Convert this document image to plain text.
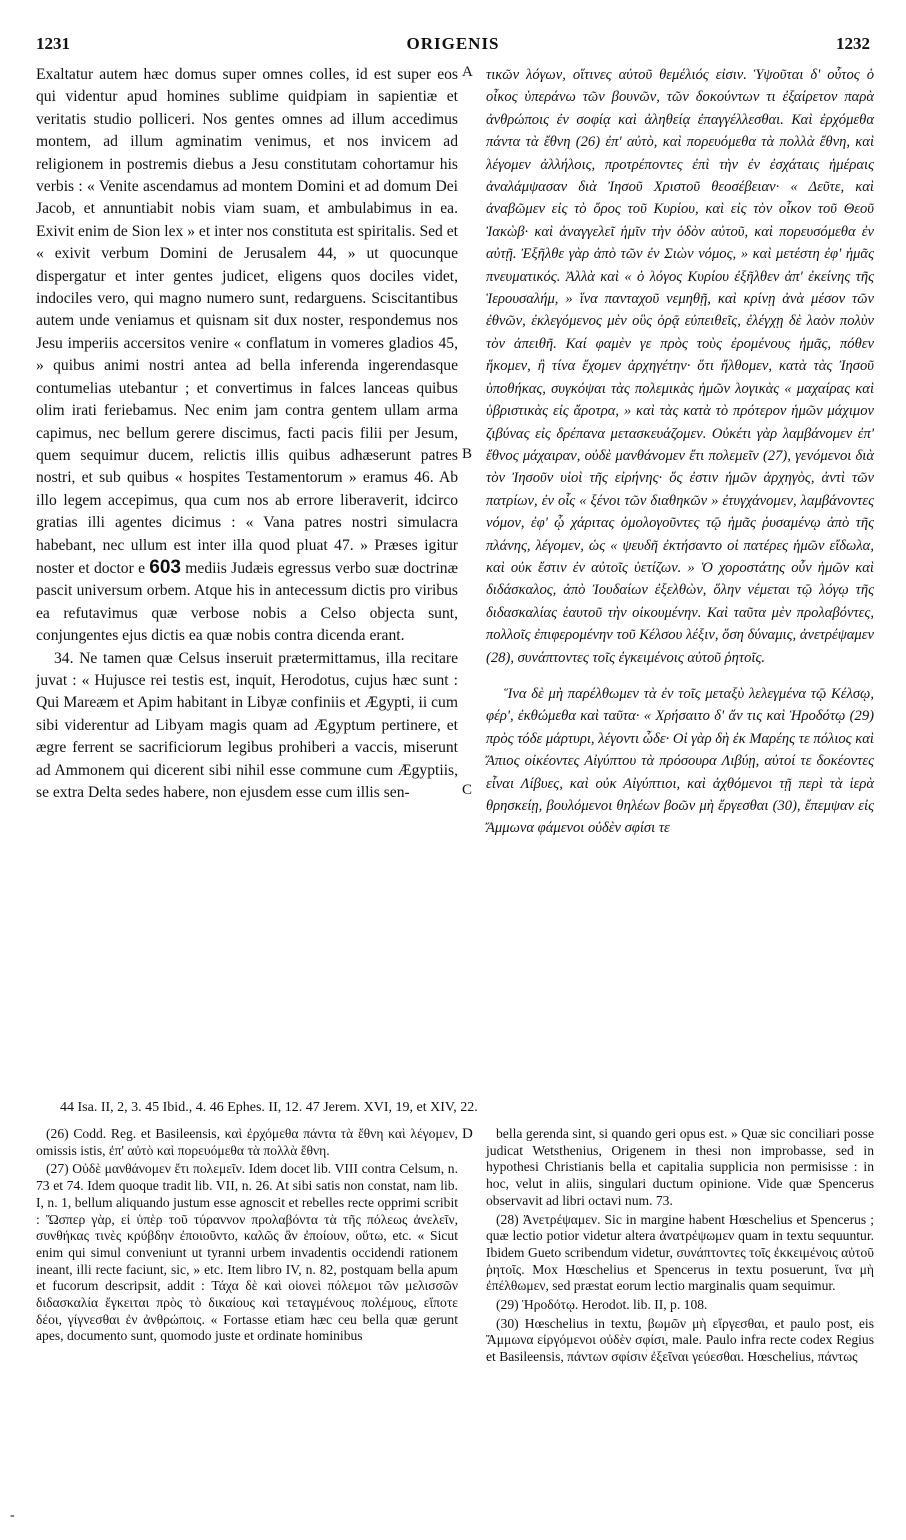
1231	ORIGENIS	1232

Exaltatur autem hæc domus super omnes colles, id est super eos qui videntur apud homines sublime quidpiam in sapientiæ et veritatis studio polliceri. Nos gentes omnes ad illum accedimus montem, ad illum agminatim venimus, et nos invicem ad religionem in postremis diebus a Jesu constitutam cohortamur his verbis : « Venite ascendamus ad montem Domini et ad domum Dei Jacob, et annuntiabit nobis viam suam, et ambulabimus in ea. Exivit enim de Sion lex » et inter nos constituta est spiritalis. Sed et « exivit verbum Domini de Jerusalem 44, » ut quocunque dispergatur et inter gentes judicet, eligens quos dociles videt, indociles vero, qui magno numero sunt, redarguens. Sciscitantibus autem unde veniamus et quisnam sit dux noster, respondemus nos Jesu imperiis accersitos venire « conflatum in vomeres gladios 45, » quibus animi nostri antea ad bella inferenda ingerendasque contumelias utebantur ; et convertimus in falces lanceas quibus olim irati feriebamus. Nec enim jam contra gentem ullam arma capimus, nec bellum gerere discimus, facti pacis filii per Jesum, quem sequimur ducem, relictis illis quibus adhæserunt patres nostri, et sub quibus « hospites Testamentorum » eramus 46. Ab illo legem accepimus, qua cum nos ab errore liberaverit, idcirco gratias illi agentes dicimus : « Vana patres nostri simulacra habebant, nec ullum est inter illa quod pluat 47. » Præses igitur noster et doctor e 603 mediis Judæis egressus verbo suæ doctrinæ pascit universum orbem. Atque his in antecessum dictis pro viribus ea refutavimus quæ verbose nobis a Celso objecta sunt, conjungentes ejus dictis ea quæ nobis contra dicenda erant.

34. Ne tamen quæ Celsus inseruit prætermittamus, illa recitare juvat : « Hujusce rei testis est, inquit, Herodotus, cujus hæc sunt : Qui Mareæm et Apim habitant in Libyæ confiniis et Ægypti, ii cum sibi viderentur ad Libyam magis quam ad Ægyptum pertinere, et ægre ferrent se sacrificiorum legibus prohiberi a vaccis, miserunt ad Ammonem qui dicerent sibi nihil esse commune cum Ægyptiis, se extra Delta sedes habere, non ejusdem esse cum illis sen-

A
B
C
D

τικῶν λόγων, οἵτινες αὐτοῦ θεμέλιός εἰσιν. Ὑψοῦται δ' οὗτος ὁ οἶκος ὑπεράνω τῶν βουνῶν, τῶν δοκούντων τι ἐξαίρετον παρὰ ἀνθρώποις ἐν σοφίᾳ καὶ ἀληθείᾳ ἐπαγγέλλεσθαι. Καὶ ἐρχόμεθα πάντα τὰ ἔθνη (26) ἐπ' αὐτὸ, καὶ πορευόμεθα τὰ πολλὰ ἔθνη, καὶ λέγομεν ἀλλήλοις, προτρέποντες ἐπὶ τὴν ἐν ἐσχάταις ἡμέραις ἀναλάμψασαν διὰ Ἰησοῦ Χριστοῦ θεοσέβειαν· « Δεῦτε, καὶ ἀναβῶμεν εἰς τὸ ὄρος τοῦ Κυρίου, καὶ εἰς τὸν οἶκον τοῦ Θεοῦ Ἰακὼβ· καὶ ἀναγγελεῖ ἡμῖν τὴν ὁδὸν αὐτοῦ, καὶ πορευσόμεθα ἐν αὐτῇ. Ἐξῆλθε γὰρ ἀπὸ τῶν ἐν Σιὼν νόμος, » καὶ μετέστη ἐφ' ἡμᾶς πνευματικός. Ἀλλὰ καὶ « ὁ λόγος Κυρίου ἐξῆλθεν ἀπ' ἐκείνης τῆς Ἱερουσαλήμ, » ἵνα πανταχοῦ νεμηθῇ, καὶ κρίνῃ ἀνὰ μέσον τῶν ἐθνῶν, ἐκλεγόμενος μὲν οὓς ὁρᾷ εὐπειθεῖς, ἐλέγχῃ δὲ λαὸν πολὺν τὸν ἀπειθῆ. Καί φαμὲν γε πρὸς τοὺς ἐρομένους ἡμᾶς, πόθεν ἥκομεν, ἢ τίνα ἔχομεν ἀρχηγέτην· ὅτι ἤλθομεν, κατὰ τὰς Ἰησοῦ ὑποθήκας, συγκόψαι τὰς πολεμικὰς ἡμῶν λογικὰς « μαχαίρας καὶ ὑβριστικὰς εἰς ἄροτρα, » καὶ τὰς κατὰ τὸ πρότερον ἡμῶν μάχιμον ζιβύνας εἰς δρέπανα μετασκευάζομεν. Οὐκέτι γὰρ λαμβάνομεν ἐπ' ἔθνος μάχαιραν, οὐδὲ μανθάνομεν ἔτι πολεμεῖν (27), γενόμενοι διὰ τὸν Ἰησοῦν υἱοὶ τῆς εἰρήνης· ὅς ἐστιν ἡμῶν ἀρχηγὸς, ἀντὶ τῶν πατρίων, ἐν οἷς « ξένοι τῶν διαθηκῶν » ἐτυγχάνομεν, λαμβάνοντες νόμον, ἐφ' ᾧ χάριτας ὁμολογοῦντες τῷ ἡμᾶς ῥυσαμένῳ ἀπὸ τῆς πλάνης, λέγομεν, ὡς « ψευδῆ ἐκτήσαντο οἱ πατέρες ἡμῶν εἴδωλα, καὶ οὐκ ἔστιν ἐν αὐτοῖς ὑετίζων. » Ὁ χοροστάτης οὖν ἡμῶν καὶ διδάσκαλος, ἀπὸ Ἰουδαίων ἐξελθὼν, ὅλην νέμεται τῷ λόγῳ τῆς διδασκαλίας ἑαυτοῦ τὴν οἰκουμένην. Καὶ ταῦτα μὲν προλαβόντες, πολλοῖς ἐπιφερομένην τοῦ Κέλσου λέξιν, ὅση δύναμις, ἀνετρέψαμεν (28), συνάπτοντες τοῖς ἐγκειμένοις αὐτοῦ ῥητοῖς.

Ἵνα δὲ μὴ παρέλθωμεν τὰ ἐν τοῖς μεταξὺ λελεγμένα τῷ Κέλσῳ, φέρ', ἐκθώμεθα καὶ ταῦτα· « Χρήσαιτο δ' ἄν τις καὶ Ἡροδότῳ (29) πρὸς τόδε μάρτυρι, λέγοντι ὧδε· Οἱ γὰρ δὴ ἐκ Μαρέης τε πόλιος καὶ Ἄπιος οἰκέοντες Αἰγύπτου τὰ πρόσουρα Λιβύῃ, αὐτοί τε δοκέοντες εἶναι Λίβυες, καὶ οὐκ Αἰγύπτιοι, καὶ ἀχθόμενοι τῇ περὶ τὰ ἱερὰ θρησκείῃ, βουλόμενοι θηλέων βοῶν μὴ ἔργεσθαι (30), ἔπεμψαν εἰς Ἄμμωνα φάμενοι οὐδὲν σφίσι τε

44 Isa. II, 2, 3. 45 Ibid., 4. 46 Ephes. II, 12. 47 Jerem. XVI, 19, et XIV, 22.

(26) Codd. Reg. et Basileensis, καὶ ἐρχόμεθα πάντα τὰ ἔθνη καὶ λέγομεν, omissis istis, ἐπ' αὐτὸ καὶ πορευόμεθα τὰ πολλὰ ἔθνη.

(27) Οὐδὲ μανθάνομεν ἔτι πολεμεῖν. Idem docet lib. VIII contra Celsum, n. 73 et 74. Idem quoque tradit lib. VII, n. 26. At sibi satis non constat, nam lib. I, n. 1, bellum aliquando justum esse agnoscit et rebelles recte opprimi scribit : Ὥσπερ γὰρ, εἰ ὑπὲρ τοῦ τύραννον προλαβόντα τὰ τῆς πόλεως ἀνελεῖν, συνθήκας τινὲς κρύβδην ἐποιοῦντο, καλῶς ἂν ἐποίουν, οὕτω, etc. « Sicut enim qui simul conveniunt ut tyranni urbem invadentis occidendi rationem ineant, illi recte faciunt, sic, » etc. Item libro IV, n. 82, postquam bella apum et fucorum descripsit, addit : Τάχα δὲ καὶ οἱονεὶ πόλεμοι τῶν μελισσῶν διδασκαλία ἔγκειται πρὸς τὸ δικαίους καὶ τεταγμένους πολέμους, εἴποτε δέοι, γίγνεσθαι ἐν ἀνθρώποις. « Fortasse etiam hæc ceu bella quæ gerunt apes, documento sunt, quomodo juste et ordinate hominibus

bella gerenda sint, si quando geri opus est. » Quæ sic conciliari posse judicat Wetsthenius, Origenem in thesi non improbasse, sed in hypothesi Christianis bella et capitalia supplicia non permisisse : in hoc, velut in aliis, singulari ductum opinione. Vide quæ Spencerus observavit ad libri octavi num. 73.

(28) Ἀνετρέψαμεν. Sic in margine habent Hœschelius et Spencerus ; quæ lectio potior videtur altera ἀνατρέψωμεν quam in textu sequuntur. Ibidem Gueto scribendum videtur, συνάπτοντες τοῖς ἐκκειμένοις αὐτοῦ ῥητοῖς. Mox Hœschelius et Spencerus in textu posuerunt, ἵνα μὴ ἐπέλθωμεν, sed præstat eorum lectio marginalis quam sequimur.

(29) Ἡροδότῳ. Herodot. lib. II, p. 108.

(30) Hœschelius in textu, βωμῶν μὴ εἴργεσθαι, et paulo post, eis Ἄμμωνα εἰργόμενοι οὐδὲν σφίσι, male. Paulo infra recte codex Regius et Basileensis, πάντων σφίσιν ἐξεῖναι γεύεσθαι. Hœschelius, πάντως

-
